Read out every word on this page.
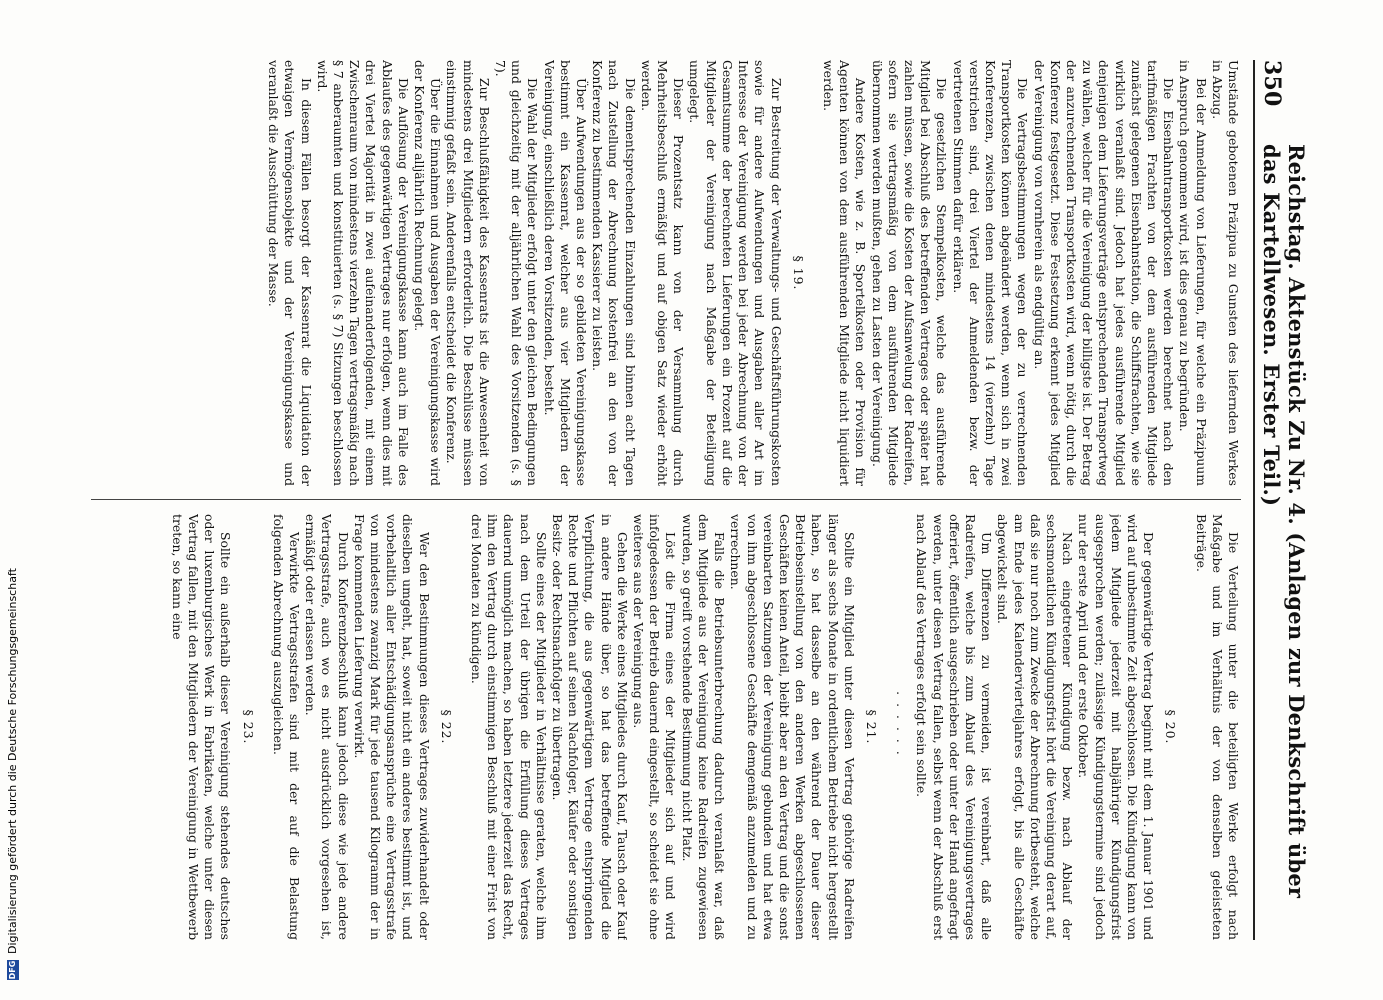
350
Reichstag. Aktenstück Zu Nr. 4. (Anlagen zur Denkschrift über das Kartellwesen. Erster Teil.)

Umstände gebotenen Präzipua zu Gunsten des liefernden Werkes in Abzug.

Bei der Anmeldung von Lieferungen, für welche ein Präzipuum in Anspruch genommen wird, ist dies genau zu begründen.

Die Eisenbahntransportkosten werden berechnet nach den tarifmäßigen Frachten von der dem ausführenden Mitgliede zunächst gelegenen Eisenbahnstation, die Schiffsfrachten, wie sie wirklich veranlaßt sind. Jedoch hat jedes ausführende Mitglied denjenigen dem Lieferungsverträge entsprechenden Transportweg zu wählen, welcher für die Vereinigung der billigste ist. Der Betrag der anzurechnenden Transportkosten wird, wenn nötig, durch die Konferenz festgesetzt. Diese Festsetzung erkennt jedes Mitglied der Vereinigung von vornherein als endgültig an.

Die Vertragsbestimmungen wegen der zu verrechnenden Transportkosten können abgeändert werden, wenn sich in zwei Konferenzen, zwischen denen mindestens 14 (vierzehn) Tage verstrichen sind, drei Viertel der Anmeldenden bezw. der vertretenen Stimmen dafür erklären.

Die gesetzlichen Stempelkosten, welche das ausführende Mitglied bei Abschluß des betreffenden Vertrages oder später hat zahlen müssen, sowie die Kosten der Aufsanwelung der Radreifen, sofern sie vertragsmäßig von dem ausführenden Mitgliede übernommen werden mußten, gehen zu Lasten der Vereinigung.

Andere Kosten, wie z. B. Sportelkosten oder Provision für Agenten können von dem ausführenden Mitgliede nicht liquidiert werden.

§ 19.

Zur Bestreitung der Verwaltungs- und Geschäftsführungskosten sowie für andere Aufwendungen und Ausgaben aller Art im Interesse der Vereinigung werden bei jeder Abrechnung von der Gesamtsumme der berechneten Lieferungen ein Prozent auf die Mitglieder der Vereinigung nach Maßgabe der Beteiligung umgelegt.

Dieser Prozentsatz kann von der Versammlung durch Mehrheitsbeschluß ermäßigt und auf obigen Satz wieder erhöht werden.

Die dementsprechenden Einzahlungen sind binnen acht Tagen nach Zustellung der Abrechnung kostenfrei an den von der Konferenz zu bestimmenden Kassierer zu leisten.

Über Aufwendungen aus der so gebildeten Vereinigungskasse bestimmt ein Kassenrat, welcher aus vier Mitgliedern der Vereinigung, einschließlich deren Vorsitzenden, besteht.

Die Wahl der Mitglieder erfolgt unter den gleichen Bedingungen und gleichzeitig mit der alljährlichen Wahl des Vorsitzenden (s. § 7).

Zur Beschlußfähigkeit des Kassenrats ist die Anwesenheit von mindestens drei Mitgliedern erforderlich. Die Beschlüsse müssen einstimmig gefaßt sein. Anderenfalls entscheidet die Konferenz.

Über die Einnahmen und Ausgaben der Vereinigungskasse wird der Konferenz alljährlich Rechnung gelegt.

Die Auflösung der Vereinigungskasse kann auch im Falle des Ablaufes des gegenwärtigen Vertrages nur erfolgen, wenn dies mit drei Viertel Majorität in zwei aufeinanderfolgenden, mit einem Zwischenraum von mindestens vierzehn Tagen vertragsmäßig nach § 7 anberaumten und konstituierten (s. § 7) Sitzungen beschlossen wird.

In diesem Fällen besorgt der Kassenrat die Liquidation der etwaigen Vermögensobjekte und der Vereinigungskasse und veranlaßt die Ausschüttung der Masse.

Die Verteilung unter die beteiligten Werke erfolgt nach Maßgabe und im Verhältnis der von denselben geleisteten Beiträge.

§ 20.

Der gegenwärtige Vertrag beginnt mit dem 1. Januar 1901 und wird auf unbestimmte Zeit abgeschlossen. Die Kündigung kann von jedem Mitgliede jederzeit mit halbjähriger Kündigungsfrist ausgesprochen werden; zulässige Kündigungstermine sind jedoch nur der erste April und der erste Oktober.

Nach eingetretener Kündigung bezw. nach Ablauf der sechsmonatlichen Kündigungsfrist hört die Vereinigung derart auf, daß sie nur noch zum Zwecke der Abrechnung fortbesteht, welche am Ende jedes Kalendervierteljahres erfolgt, bis alle Geschäfte abgewickelt sind.

Um Differenzen zu vermeiden, ist vereinbart, daß alle Radreifen, welche bis zum Ablauf des Vereinigungsvertrages offeriert, öffentlich ausgeschrieben oder unter der Hand angefragt werden, unter diesen Vertrag fallen, selbst wenn der Abschluß erst nach Ablauf des Vertrages erfolgt sein sollte.

......

§ 21.

Sollte ein Mitglied unter diesen Vertrag gehörige Radreifen länger als sechs Monate in ordentlichem Betriebe nicht hergestellt haben, so hat dasselbe an den während der Dauer dieser Betriebseinstellung von den anderen Werken abgeschlossenen Geschäften keinen Anteil, bleibt aber an den Vertrag und die sonst vereinbarten Satzungen der Vereinigung gebunden und hat etwa von ihm abgeschlossene Geschäfte demgemäß anzumelden und zu verrechnen.

Falls die Betriebsunterbrechung dadurch veranlaßt war, daß dem Mitgliede aus der Vereinigung keine Radreifen zugewiesen wurden, so greift vorstehende Bestimmung nicht Platz.

Löst die Firma eines der Mitglieder sich auf und wird infolgedessen der Betrieb dauernd eingestellt, so scheidet sie ohne weiteres aus der Vereinigung aus.

Gehen die Werke eines Mitgliedes durch Kauf, Tausch oder Kauf in andere Hände über, so hat das betreffende Mitglied die Verpflichtung, die aus gegenwärtigem Vertrage entspringenden Rechte und Pflichten auf seinen Nachfolger, Käufer oder sonstigen Besitz- oder Rechtsnachfolger zu übertragen.

Sollte eines der Mitglieder in Verhältnisse geraten, welche ihm nach dem Urteil der übrigen die Erfüllung dieses Vertrages dauernd unmöglich machen, so haben letztere jederzeit das Recht, ihm den Vertrag durch einstimmigen Beschluß mit einer Frist von drei Monaten zu kündigen.

§ 22.

Wer den Bestimmungen dieses Vertrages zuwiderhandelt oder dieselben umgeht, hat, soweit nicht ein anderes bestimmt ist, und vorbehaltlich aller Entschädigungsansprüche eine Vertragsstrafe von mindestens zwanzig Mark für jede tausend Kilogramm der in Frage kommenden Lieferung verwirkt.

Durch Konferenzbeschluß kann jedoch diese wie jede andere Vertragsstrafe, auch wo es nicht ausdrücklich vorgesehen ist, ermäßigt oder erlassen werden.

Verwirkte Vertragsstrafen sind mit der auf die Belastung folgenden Abrechnung auszugleichen.

§ 23.

Sollte ein außerhalb dieser Vereinigung stehendes deutsches oder luxemburgisches Werk in Fabrikaten, welche unter diesen Vertrag fallen, mit den Mitgliedern der Vereinigung in Wettbewerb treten, so kann eine

DFG
Digitalisierung gefördert durch die Deutsche Forschungsgemeinschaft
